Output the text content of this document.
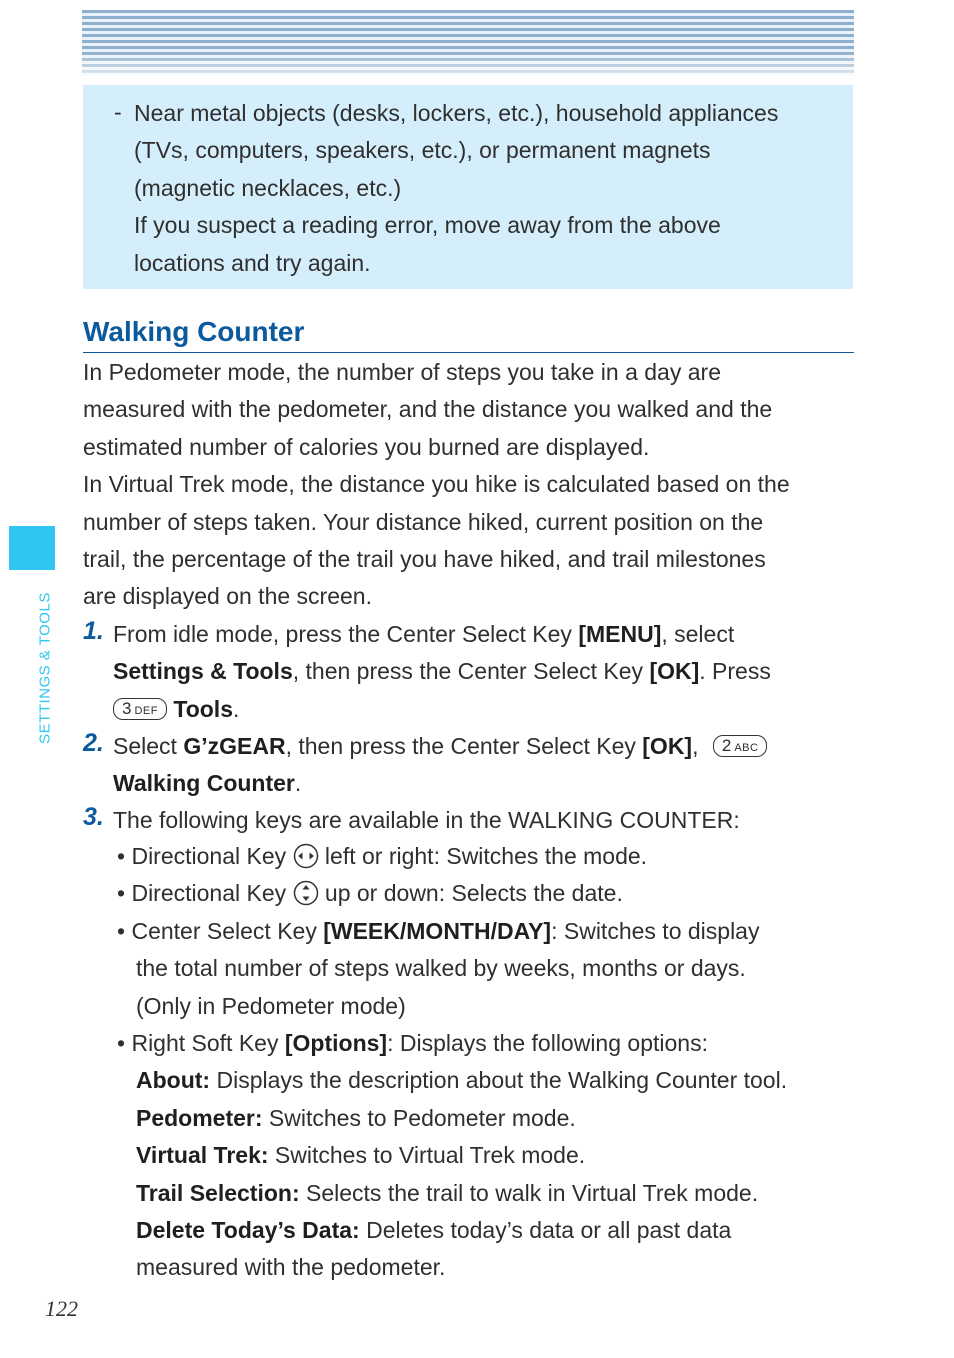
- Near metal objects (desks, lockers, etc.), household appliances
(TVs, computers, speakers, etc.), or permanent magnets
(magnetic necklaces, etc.)
If you suspect a reading error, move away from the above
locations and try again.
SETTINGS & TOOLS
Walking Counter
In Pedometer mode, the number of steps you take in a day are
measured with the pedometer, and the distance you walked and the
estimated number of calories you burned are displayed.
In Virtual Trek mode, the distance you hike is calculated based on the
number of steps taken. Your distance hiked, current position on the
trail, the percentage of the trail you have hiked, and trail milestones
are displayed on the screen.
1. From idle mode, press the Center Select Key [MENU], select
Settings & Tools, then press the Center Select Key [OK]. Press
3 DEF Tools.
2. Select G’zGEAR, then press the Center Select Key [OK], 2 ABC
Walking Counter.
3. The following keys are available in the WALKING COUNTER:
• Directional Key  left or right: Switches the mode.
• Directional Key  up or down: Selects the date.
• Center Select Key [WEEK/MONTH/DAY]: Switches to display
the total number of steps walked by weeks, months or days.
(Only in Pedometer mode)
• Right Soft Key [Options]: Displays the following options:
About: Displays the description about the Walking Counter tool.
Pedometer: Switches to Pedometer mode.
Virtual Trek: Switches to Virtual Trek mode.
Trail Selection: Selects the trail to walk in Virtual Trek mode.
Delete Today’s Data: Deletes today’s data or all past data
measured with the pedometer.
122
